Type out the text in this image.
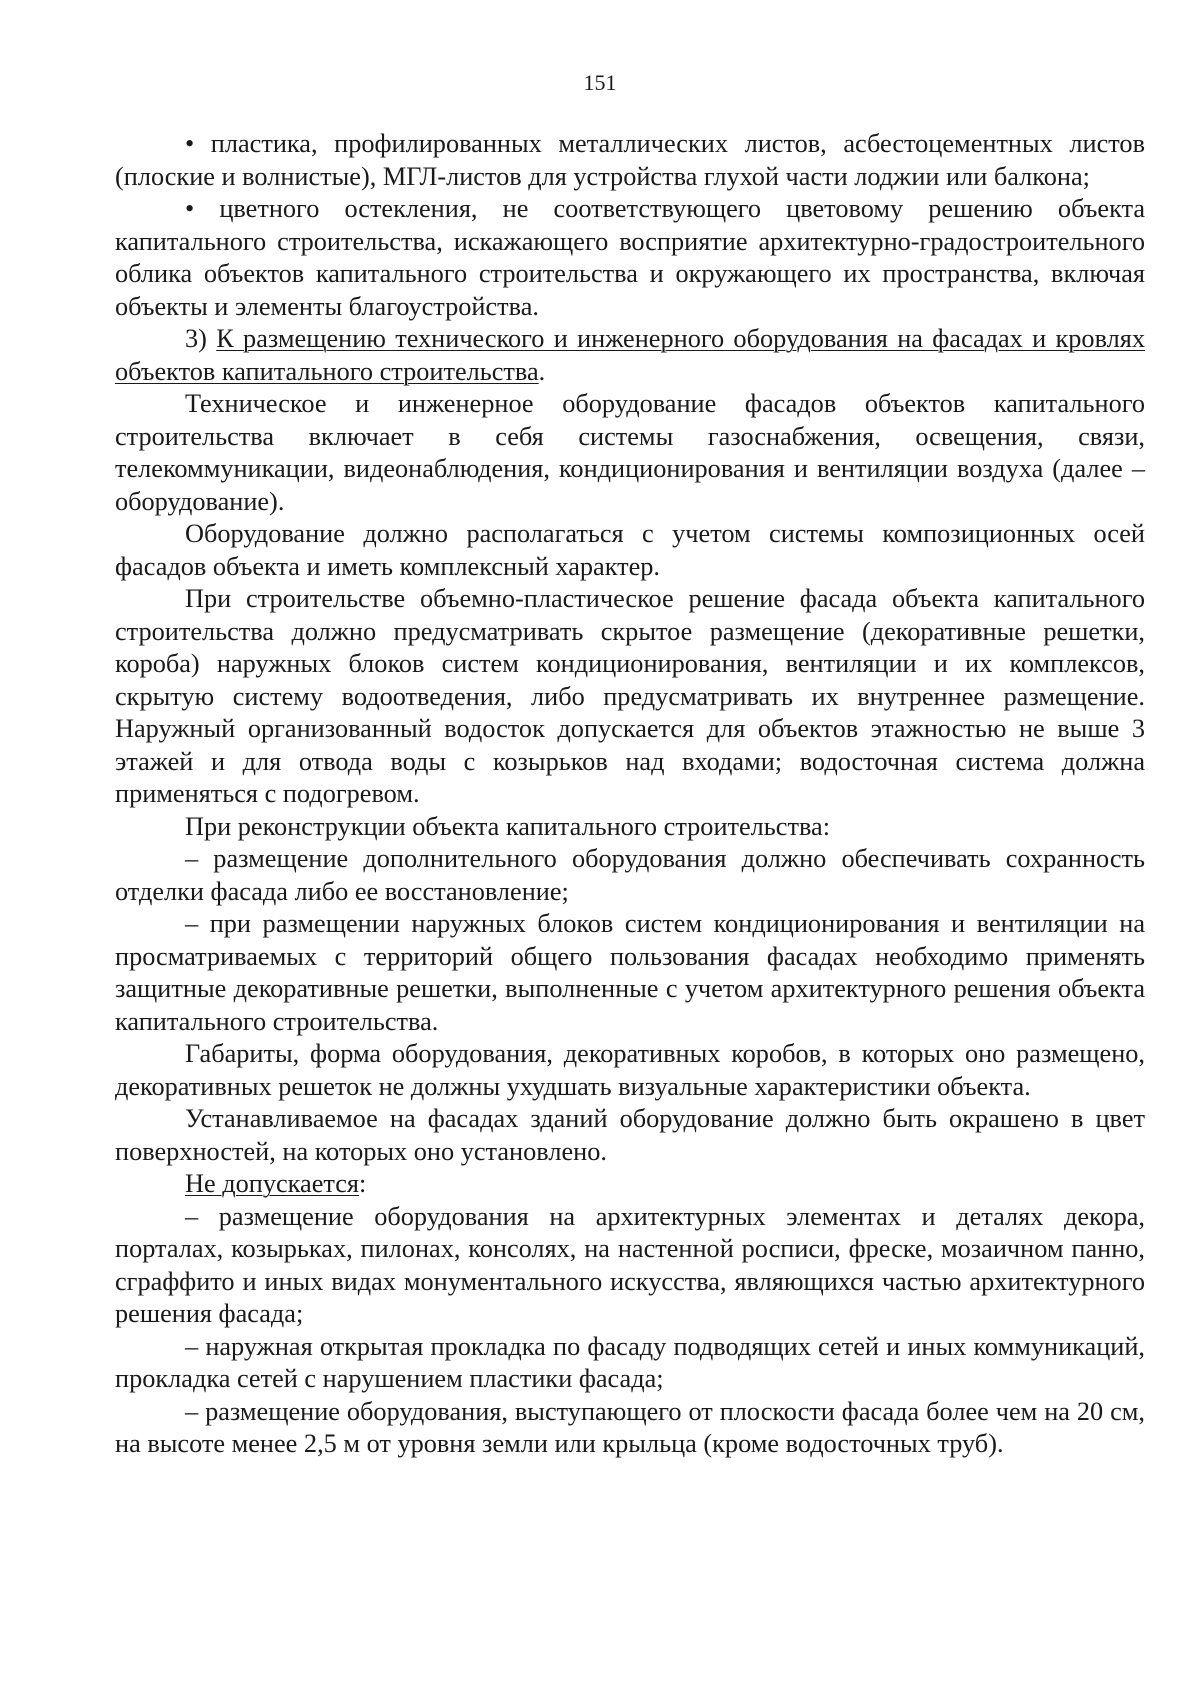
151

• пластика, профилированных металлических листов, асбестоцементных листов (плоские и волнистые), МГЛ-листов для устройства глухой части лоджии или балкона;

• цветного остекления, не соответствующего цветовому решению объекта капитального строительства, искажающего восприятие архитектурно-градостроительного облика объектов капитального строительства и окружающего их пространства, включая объекты и элементы благоустройства.

3) К размещению технического и инженерного оборудования на фасадах и кровлях объектов капитального строительства.

Техническое и инженерное оборудование фасадов объектов капитального строительства включает в себя системы газоснабжения, освещения, связи, телекоммуникации, видеонаблюдения, кондиционирования и вентиляции воздуха (далее – оборудование).

Оборудование должно располагаться с учетом системы композиционных осей фасадов объекта и иметь комплексный характер.

При строительстве объемно-пластическое решение фасада объекта капитального строительства должно предусматривать скрытое размещение (декоративные решетки, короба) наружных блоков систем кондиционирования, вентиляции и их комплексов, скрытую систему водоотведения, либо предусматривать их внутреннее размещение. Наружный организованный водосток допускается для объектов этажностью не выше 3 этажей и для отвода воды с козырьков над входами; водосточная система должна применяться с подогревом.

При реконструкции объекта капитального строительства:

– размещение дополнительного оборудования должно обеспечивать сохранность отделки фасада либо ее восстановление;

– при размещении наружных блоков систем кондиционирования и вентиляции на просматриваемых с территорий общего пользования фасадах необходимо применять защитные декоративные решетки, выполненные с учетом архитектурного решения объекта капитального строительства.

Габариты, форма оборудования, декоративных коробов, в которых оно размещено, декоративных решеток не должны ухудшать визуальные характеристики объекта.

Устанавливаемое на фасадах зданий оборудование должно быть окрашено в цвет поверхностей, на которых оно установлено.

Не допускается:

– размещение оборудования на архитектурных элементах и деталях декора, порталах, козырьках, пилонах, консолях, на настенной росписи, фреске, мозаичном панно, сграффито и иных видах монументального искусства, являющихся частью архитектурного решения фасада;

– наружная открытая прокладка по фасаду подводящих сетей и иных коммуникаций, прокладка сетей с нарушением пластики фасада;

– размещение оборудования, выступающего от плоскости фасада более чем на 20 см, на высоте менее 2,5 м от уровня земли или крыльца (кроме водосточных труб).
